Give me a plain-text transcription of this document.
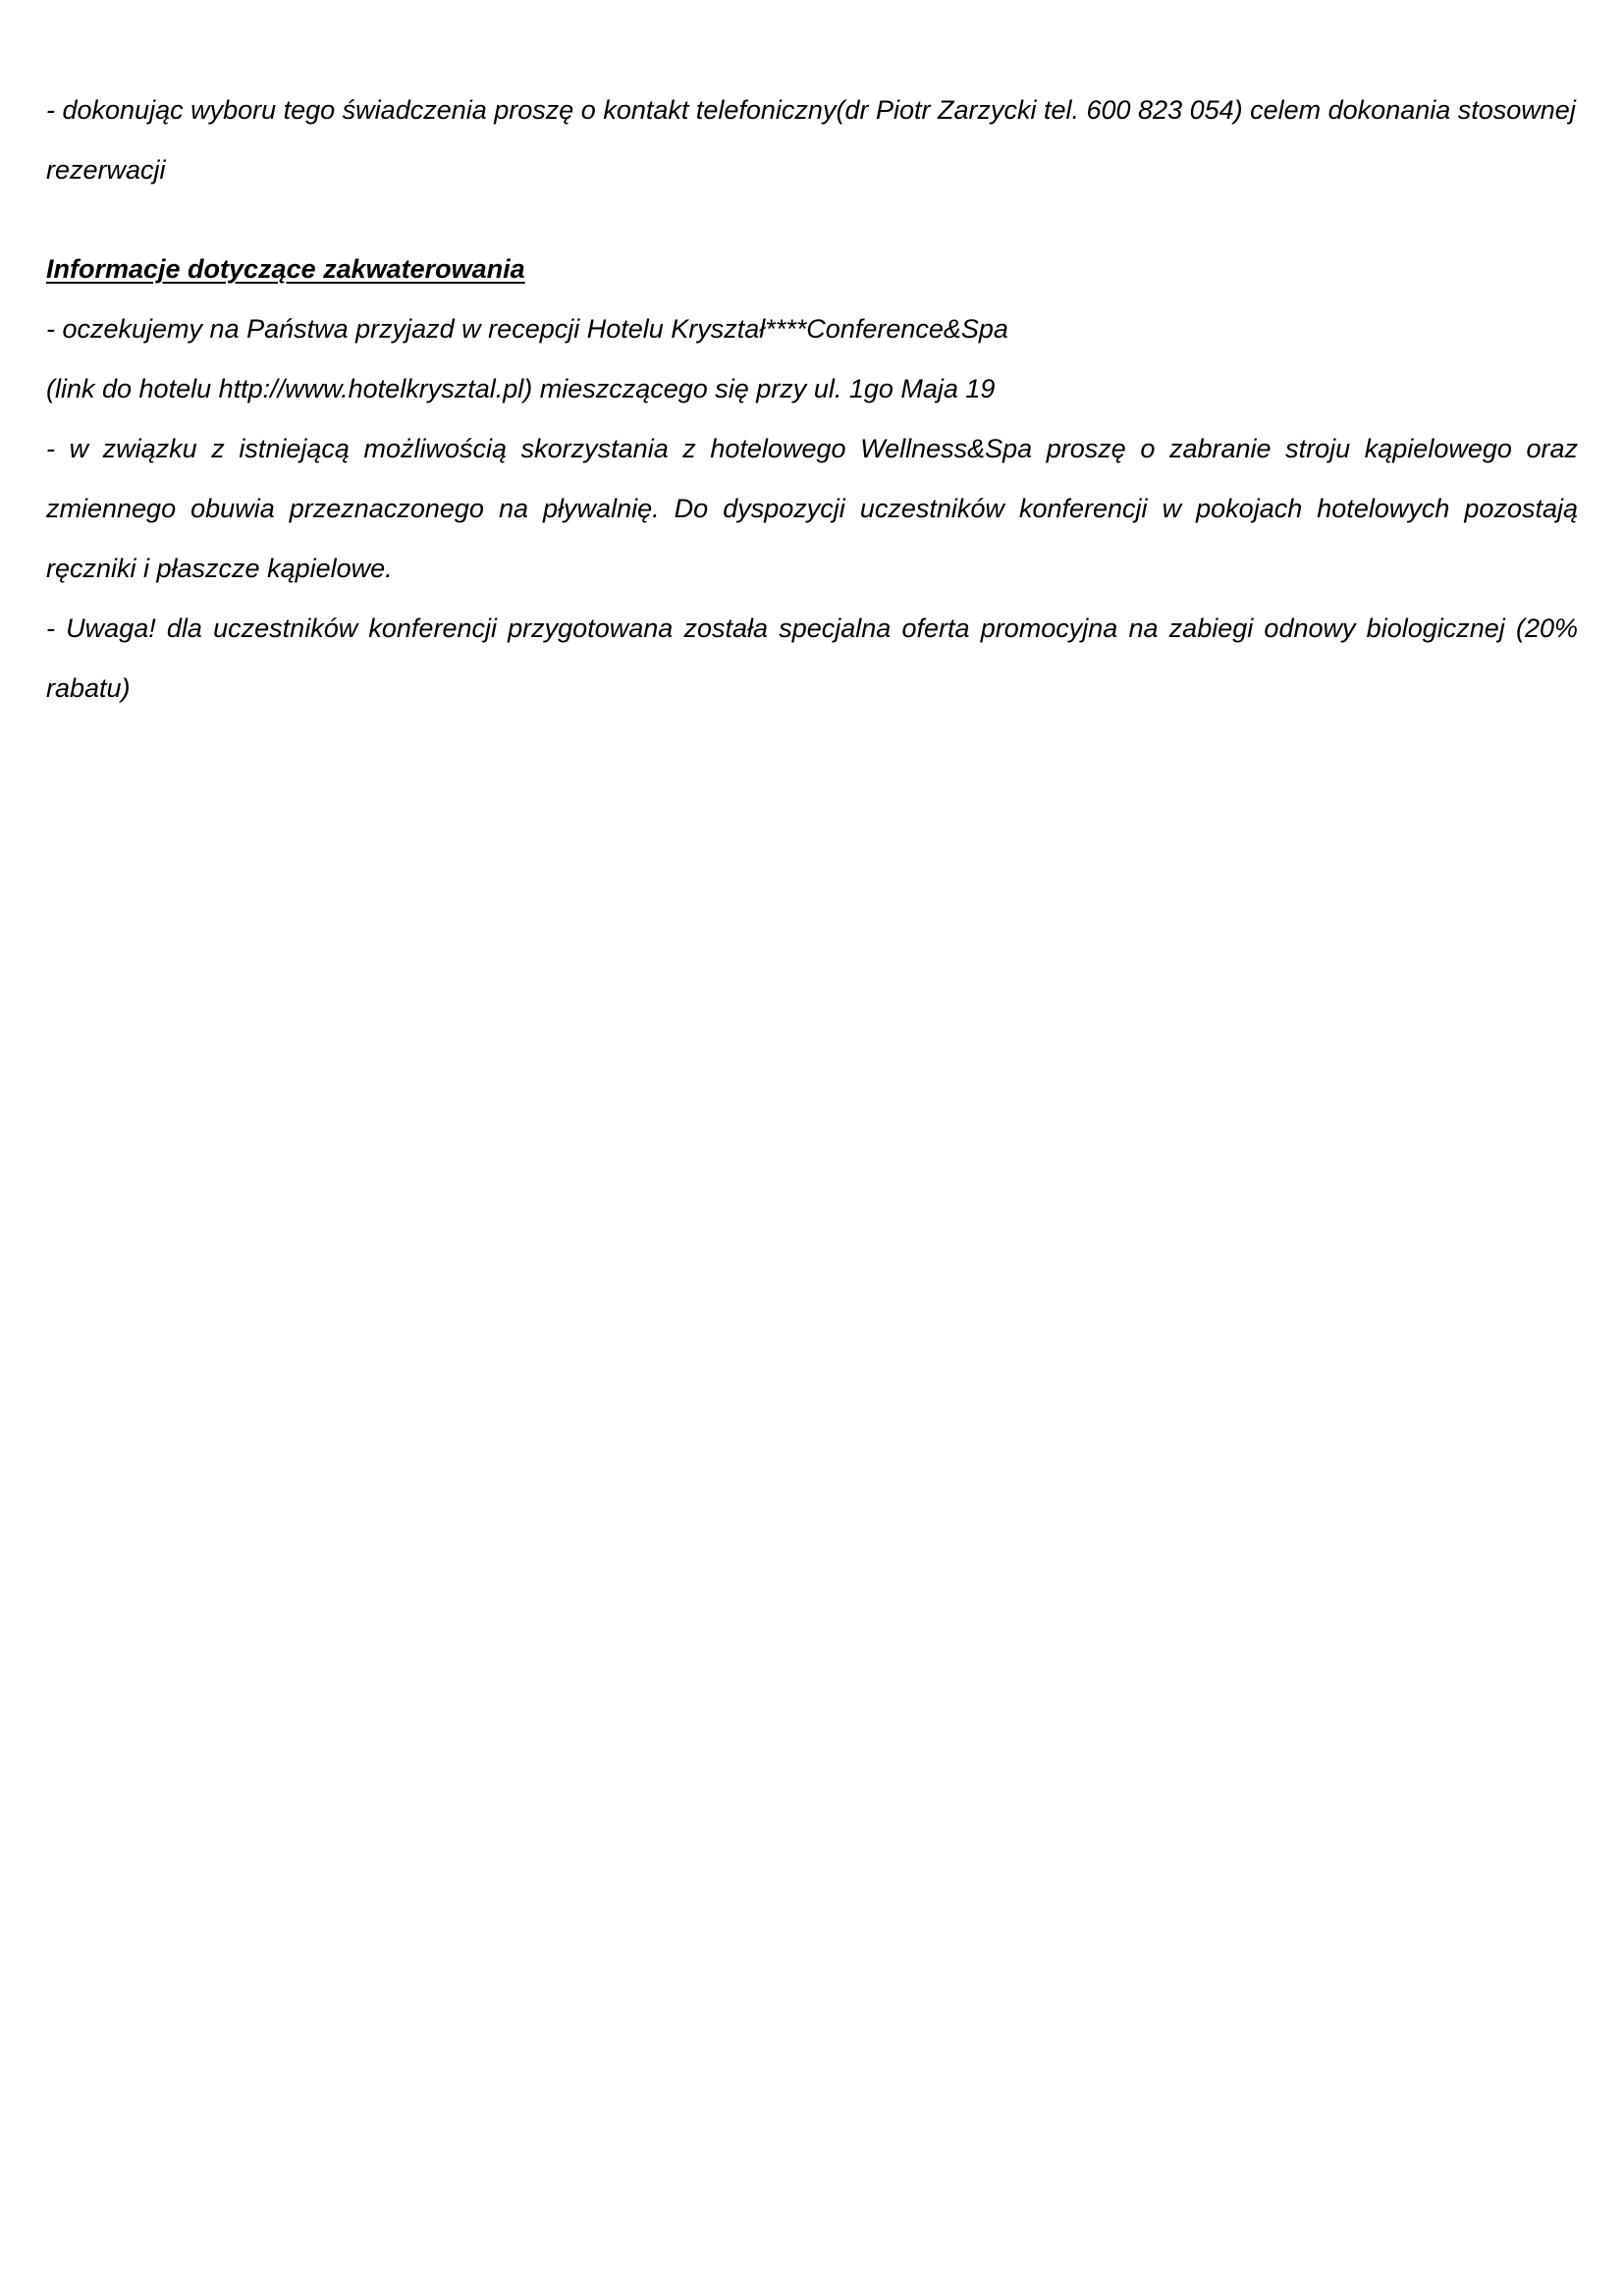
- dokonując wyboru tego świadczenia proszę o kontakt telefoniczny(dr Piotr Zarzycki tel. 600 823 054) celem dokonania stosownej rezerwacji

Informacje dotyczące zakwaterowania

- oczekujemy na Państwa przyjazd w recepcji Hotelu Kryształ****Conference&Spa

(link do hotelu http://www.hotelkrysztal.pl) mieszczącego się przy ul. 1go Maja 19

- w związku z istniejącą możliwością skorzystania z hotelowego Wellness&Spa proszę o zabranie stroju kąpielowego oraz zmiennego obuwia przeznaczonego na pływalnię. Do dyspozycji uczestników konferencji w pokojach hotelowych pozostają ręczniki i płaszcze kąpielowe.

- Uwaga! dla uczestników konferencji przygotowana została specjalna oferta promocyjna na zabiegi odnowy biologicznej (20% rabatu)
